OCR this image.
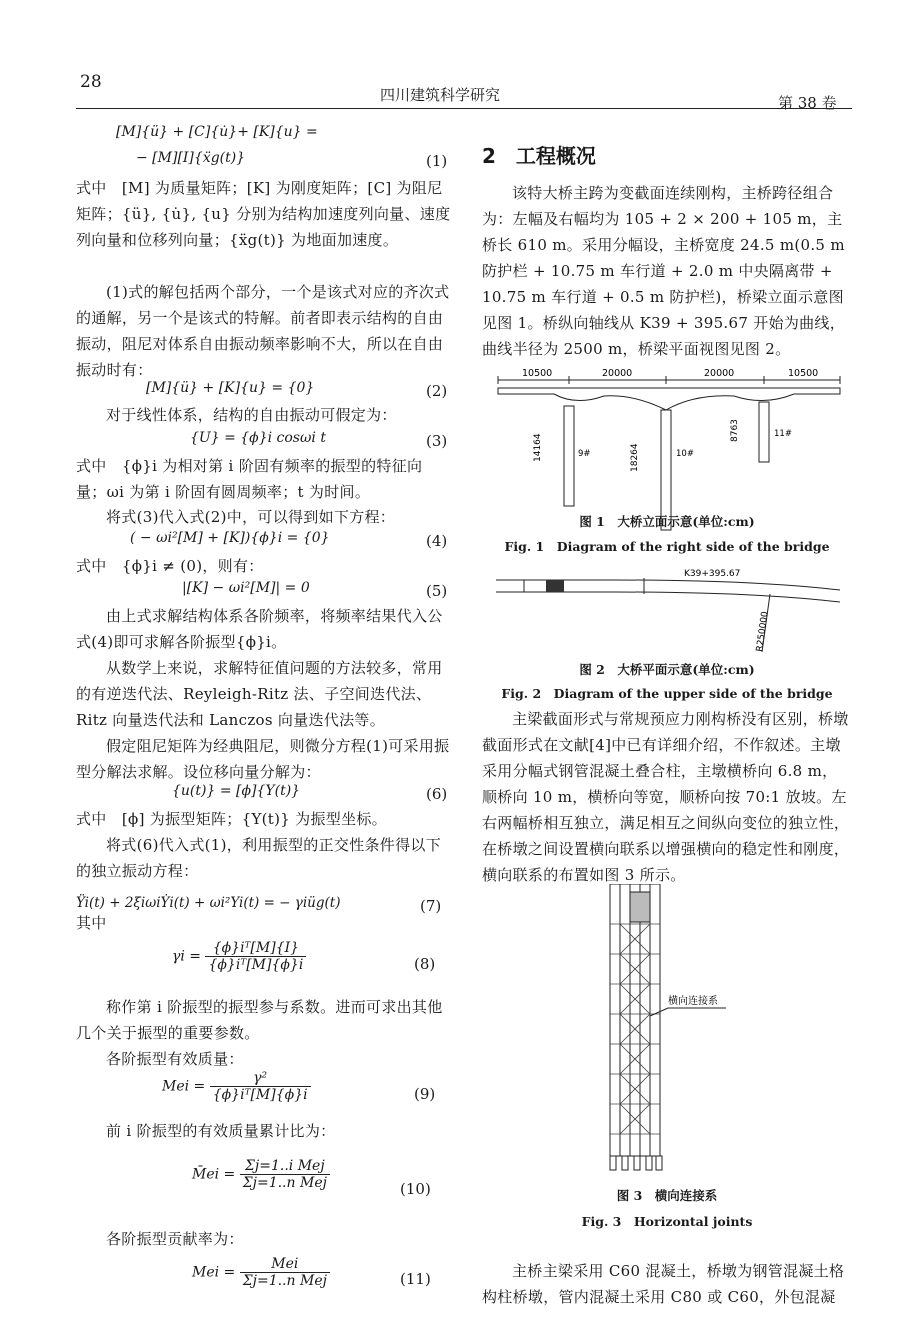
28
四川建筑科学研究	第 38 卷
[M]{ü} + [C]{u̇}+ [K]{u} =
− [M][I]{ẍg(t)}	(1)
式中　[M] 为质量矩阵；[K] 为刚度矩阵；[C] 为阻尼矩阵；{ü}, {u̇}, {u} 分别为结构加速度列向量、速度列向量和位移列向量；{ẍg(t)} 为地面加速度。
(1)式的解包括两个部分，一个是该式对应的齐次式的通解，另一个是该式的特解。前者即表示结构的自由振动，阻尼对体系自由振动频率影响不大，所以在自由振动时有：
[M]{ü} + [K]{u} = {0}	(2)
对于线性体系，结构的自由振动可假定为：
{U} = {ϕ}i cosωi t	(3)
式中　{ϕ}i 为相对第 i 阶固有频率的振型的特征向量；ωi 为第 i 阶固有圆周频率；t 为时间。
将式(3)代入式(2)中，可以得到如下方程：
( − ωi²[M] + [K]){ϕ}i = {0}	(4)
式中　{ϕ}i ≠ (0)，则有：
|[K] − ωi²[M]| = 0	(5)
由上式求解结构体系各阶频率，将频率结果代入公式(4)即可求解各阶振型{ϕ}i。
从数学上来说，求解特征值问题的方法较多，常用的有逆迭代法、Reyleigh-Ritz 法、子空间迭代法、Ritz 向量迭代法和 Lanczos 向量迭代法等。
假定阻尼矩阵为经典阻尼，则微分方程(1)可采用振型分解法求解。设位移向量分解为：
{u(t)} = [ϕ]{Y(t)}	(6)
式中　[ϕ] 为振型矩阵；{Y(t)} 为振型坐标。
将式(6)代入式(1)，利用振型的正交性条件得以下的独立振动方程：
Ÿi(t) + 2ξiωiẎi(t) + ωi²Yi(t) = − γiüg(t)	(7)
其中
$\gamma i = \frac{\text{\{ϕ\}iᵀ[M]\{I\}}}{\text{\{ϕ\}iᵀ[M]\{ϕ\}i}}$	(8)
称作第 i 阶振型的振型参与系数。进而可求出其他几个关于振型的重要参数。
各阶振型有效质量：
Mei = $\frac{\text{γ²}}{\text{\{ϕ\}iᵀ[M]\{ϕ\}i}}$	(9)
前 i 阶振型的有效质量累计比为：
M̄ei = $\frac{\text{Σj=1..i Mej}}{\text{Σj=1..n Mej}}$	(10)
各阶振型贡献率为：
Mei = $\frac{\text{Mei}}{\text{Σj=1..n Mej}}$	(11)
2　工程概况
该特大桥主跨为变截面连续刚构，主桥跨径组合为：左幅及右幅均为 105 + 2 × 200 + 105 m，主桥长 610 m。采用分幅设，主桥宽度 24.5 m(0.5 m 防护栏 + 10.75 m 车行道 + 2.0 m 中央隔离带 + 10.75 m 车行道 + 0.5 m 防护栏)，桥梁立面示意图见图 1。桥纵向轴线从 K39 + 395.67 开始为曲线，曲线半径为 2500 m，桥梁平面视图见图 2。
10500	20000	20000	10500
14164	18264
8763
9#	10#
11#
图 1　大桥立面示意(单位:cm)
Fig. 1　Diagram of the right side of the bridge
K39+395.67
R250000
图 2　大桥平面示意(单位:cm)
Fig. 2　Diagram of the upper side of the bridge
主梁截面形式与常规预应力刚构桥没有区别，桥墩截面形式在文献[4]中已有详细介绍，不作叙述。主墩采用分幅式钢管混凝土叠合柱，主墩横桥向 6.8 m，顺桥向 10 m，横桥向等宽，顺桥向按 70:1 放坡。左右两幅桥相互独立，满足相互之间纵向变位的独立性，在桥墩之间设置横向联系以增强横向的稳定性和刚度，横向联系的布置如图 3 所示。
横向连接系
图 3　横向连接系
Fig. 3　Horizontal joints
主桥主梁采用 C60 混凝土，桥墩为钢管混凝土格构柱桥墩，管内混凝土采用 C80 或 C60，外包混凝
